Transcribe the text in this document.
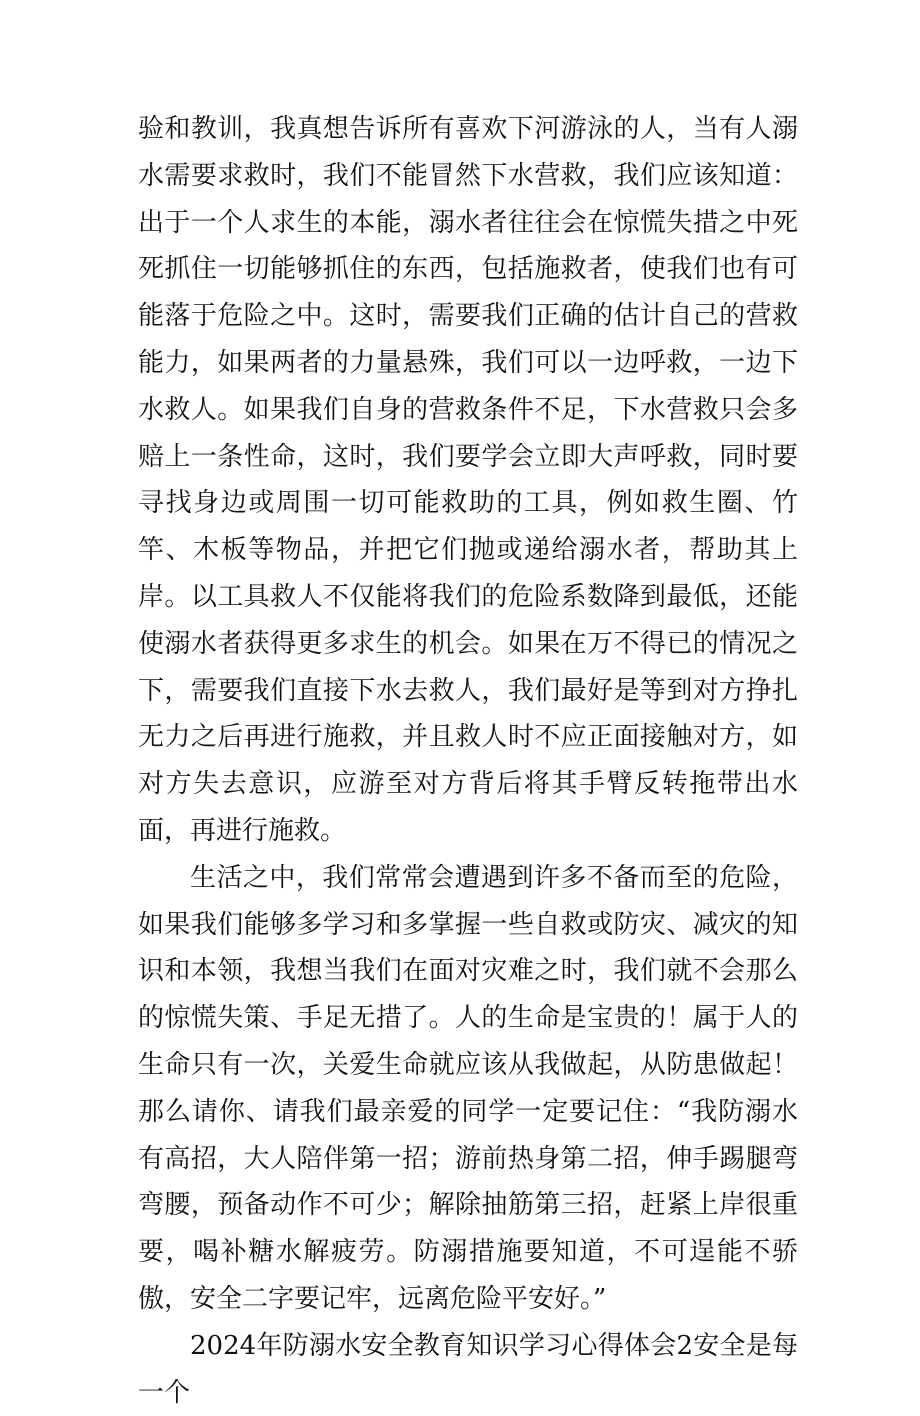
验和教训，我真想告诉所有喜欢下河游泳的人，当有人溺水需要求救时，我们不能冒然下水营救，我们应该知道：出于一个人求生的本能，溺水者往往会在惊慌失措之中死死抓住一切能够抓住的东西，包括施救者，使我们也有可能落于危险之中。这时，需要我们正确的估计自己的营救能力，如果两者的力量悬殊，我们可以一边呼救，一边下水救人。如果我们自身的营救条件不足，下水营救只会多赔上一条性命，这时，我们要学会立即大声呼救，同时要寻找身边或周围一切可能救助的工具，例如救生圈、竹竿、木板等物品，并把它们抛或递给溺水者，帮助其上岸。以工具救人不仅能将我们的危险系数降到最低，还能使溺水者获得更多求生的机会。如果在万不得已的情况之下，需要我们直接下水去救人，我们最好是等到对方挣扎无力之后再进行施救，并且救人时不应正面接触对方，如对方失去意识，应游至对方背后将其手臂反转拖带出水面，再进行施救。

生活之中，我们常常会遭遇到许多不备而至的危险，如果我们能够多学习和多掌握一些自救或防灾、减灾的知识和本领，我想当我们在面对灾难之时，我们就不会那么的惊慌失策、手足无措了。人的生命是宝贵的！属于人的生命只有一次，关爱生命就应该从我做起，从防患做起！那么请你、请我们最亲爱的同学一定要记住：“我防溺水有高招，大人陪伴第一招；游前热身第二招，伸手踢腿弯弯腰，预备动作不可少；解除抽筋第三招，赶紧上岸很重要，喝补糖水解疲劳。防溺措施要知道，不可逞能不骄傲，安全二字要记牢，远离危险平安好。”

2024年防溺水安全教育知识学习心得体会2安全是每一个
